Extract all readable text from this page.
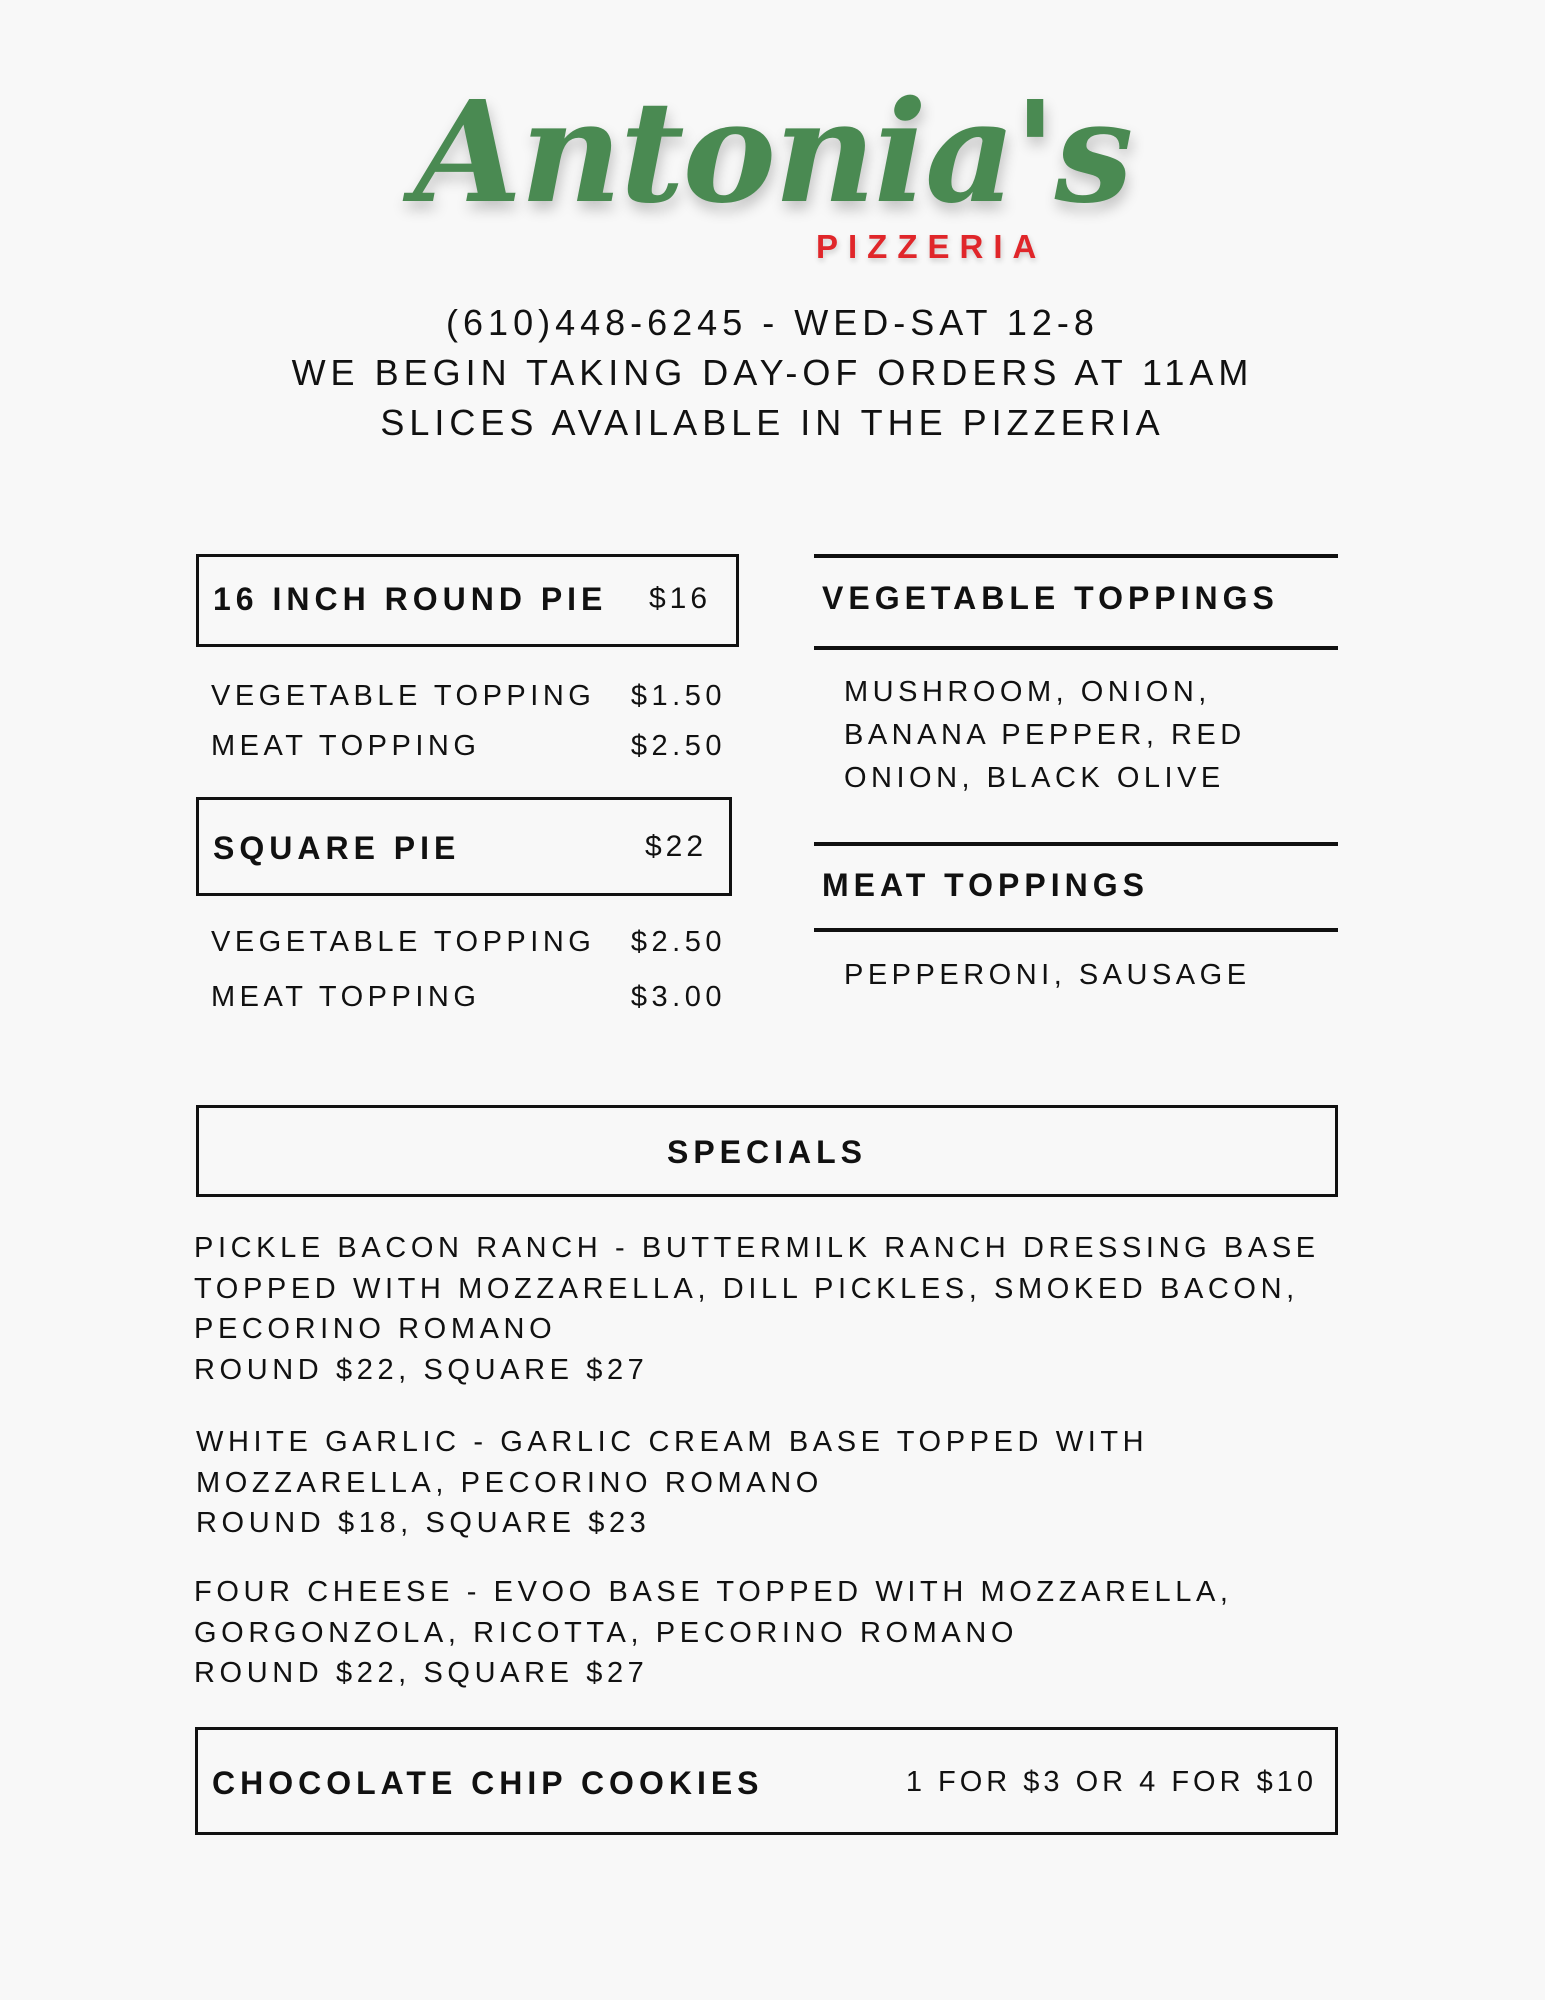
Antonia's
PIZZERIA
(610)448-6245 - WED-SAT 12-8
WE BEGIN TAKING DAY-OF ORDERS AT 11AM
SLICES AVAILABLE IN THE PIZZERIA
16 INCH ROUND PIE $16
VEGETABLE TOPPING	$1.50
MEAT TOPPING	$2.50
SQUARE PIE	$22
VEGETABLE TOPPING	$2.50
MEAT TOPPING	$3.00
VEGETABLE TOPPINGS
MUSHROOM, ONION,
BANANA PEPPER, RED
ONION, BLACK OLIVE
MEAT TOPPINGS
PEPPERONI, SAUSAGE
SPECIALS
PICKLE BACON RANCH - BUTTERMILK RANCH DRESSING BASE
TOPPED WITH MOZZARELLA, DILL PICKLES, SMOKED BACON,
PECORINO ROMANO
ROUND $22, SQUARE $27
WHITE GARLIC - GARLIC CREAM BASE TOPPED WITH
MOZZARELLA, PECORINO ROMANO
ROUND $18, SQUARE $23
FOUR CHEESE - EVOO BASE TOPPED WITH MOZZARELLA,
GORGONZOLA, RICOTTA, PECORINO ROMANO
ROUND $22, SQUARE $27
CHOCOLATE CHIP COOKIES	1 FOR $3 OR 4 FOR $10
